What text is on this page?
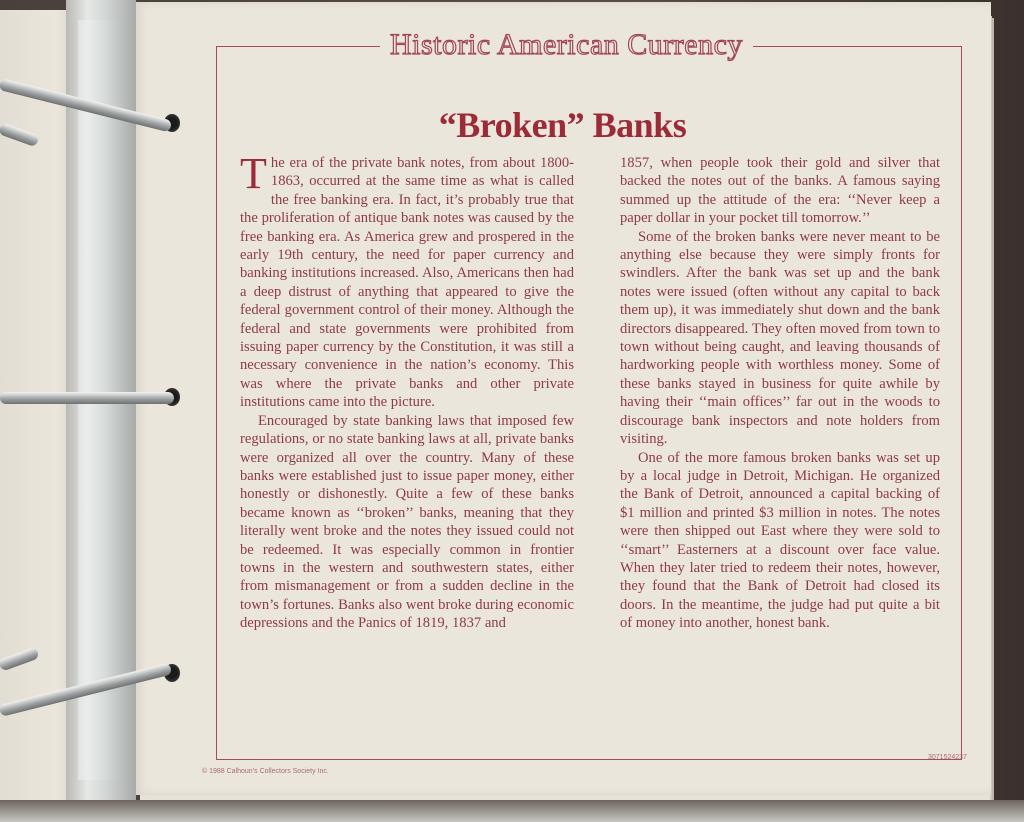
Historic American Currency
“Broken” Banks

The era of the private bank notes, from about 1800-1863, occurred at the same time as what is called the free banking era. In fact, it’s probably true that the proliferation of antique bank notes was caused by the free banking era. As America grew and prospered in the early 19th century, the need for paper currency and banking institutions increased. Also, Americans then had a deep distrust of anything that appeared to give the federal government control of their money. Although the federal and state governments were prohibited from issuing paper currency by the Constitution, it was still a necessary convenience in the nation’s economy. This was where the private banks and other private institutions came into the picture.

Encouraged by state banking laws that imposed few regulations, or no state banking laws at all, private banks were organized all over the country. Many of these banks were established just to issue paper money, either honestly or dishonestly. Quite a few of these banks became known as ‘‘broken’’ banks, meaning that they literally went broke and the notes they issued could not be redeemed. It was especially common in frontier towns in the western and southwestern states, either from mismanagement or from a sudden decline in the town’s fortunes. Banks also went broke during economic depressions and the Panics of 1819, 1837 and

1857, when people took their gold and silver that backed the notes out of the banks. A famous saying summed up the attitude of the era: ‘‘Never keep a paper dollar in your pocket till tomorrow.’’

Some of the broken banks were never meant to be anything else because they were simply fronts for swindlers. After the bank was set up and the bank notes were issued (often without any capital to back them up), it was immediately shut down and the bank directors disappeared. They often moved from town to town without being caught, and leaving thousands of hardworking people with worthless money. Some of these banks stayed in business for quite awhile by having their ‘‘main offices’’ far out in the woods to discourage bank inspectors and note holders from visiting.

One of the more famous broken banks was set up by a local judge in Detroit, Michigan. He organized the Bank of Detroit, announced a capital backing of $1 million and printed $3 million in notes. The notes were then shipped out East where they were sold to ‘‘smart’’ Easterners at a discount over face value. When they later tried to redeem their notes, however, they found that the Bank of Detroit had closed its doors. In the meantime, the judge had put quite a bit of money into another, honest bank.

© 1988 Calhoun’s Collectors Society Inc.
3071524237
